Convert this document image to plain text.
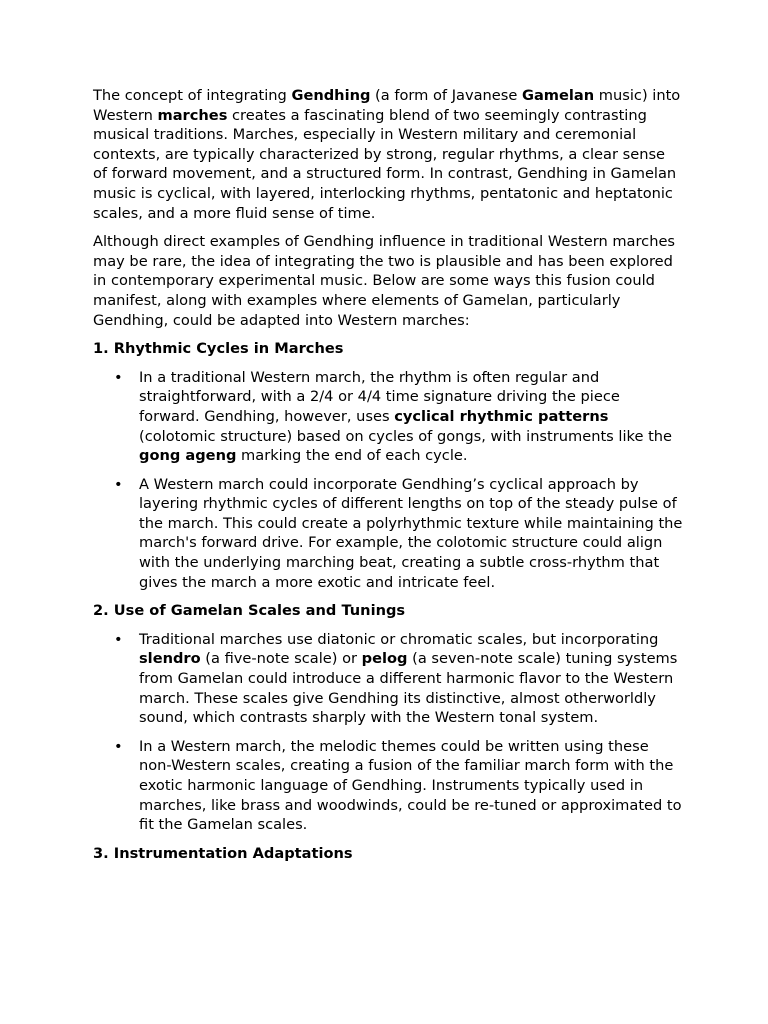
The concept of integrating Gendhing (a form of Javanese Gamelan music) into Western marches creates a fascinating blend of two seemingly contrasting musical traditions. Marches, especially in Western military and ceremonial contexts, are typically characterized by strong, regular rhythms, a clear sense of forward movement, and a structured form. In contrast, Gendhing in Gamelan music is cyclical, with layered, interlocking rhythms, pentatonic and heptatonic scales, and a more fluid sense of time.

Although direct examples of Gendhing influence in traditional Western marches may be rare, the idea of integrating the two is plausible and has been explored in contemporary experimental music. Below are some ways this fusion could manifest, along with examples where elements of Gamelan, particularly Gendhing, could be adapted into Western marches:

1. Rhythmic Cycles in Marches
• In a traditional Western march, the rhythm is often regular and straightforward, with a 2/4 or 4/4 time signature driving the piece forward. Gendhing, however, uses cyclical rhythmic patterns (colotomic structure) based on cycles of gongs, with instruments like the gong ageng marking the end of each cycle.
• A Western march could incorporate Gendhing’s cyclical approach by layering rhythmic cycles of different lengths on top of the steady pulse of the march. This could create a polyrhythmic texture while maintaining the march's forward drive. For example, the colotomic structure could align with the underlying marching beat, creating a subtle cross-rhythm that gives the march a more exotic and intricate feel.
2. Use of Gamelan Scales and Tunings
• Traditional marches use diatonic or chromatic scales, but incorporating slendro (a five-note scale) or pelog (a seven-note scale) tuning systems from Gamelan could introduce a different harmonic flavor to the Western march. These scales give Gendhing its distinctive, almost otherworldly sound, which contrasts sharply with the Western tonal system.
• In a Western march, the melodic themes could be written using these non-Western scales, creating a fusion of the familiar march form with the exotic harmonic language of Gendhing. Instruments typically used in marches, like brass and woodwinds, could be re-tuned or approximated to fit the Gamelan scales.
3. Instrumentation Adaptations
